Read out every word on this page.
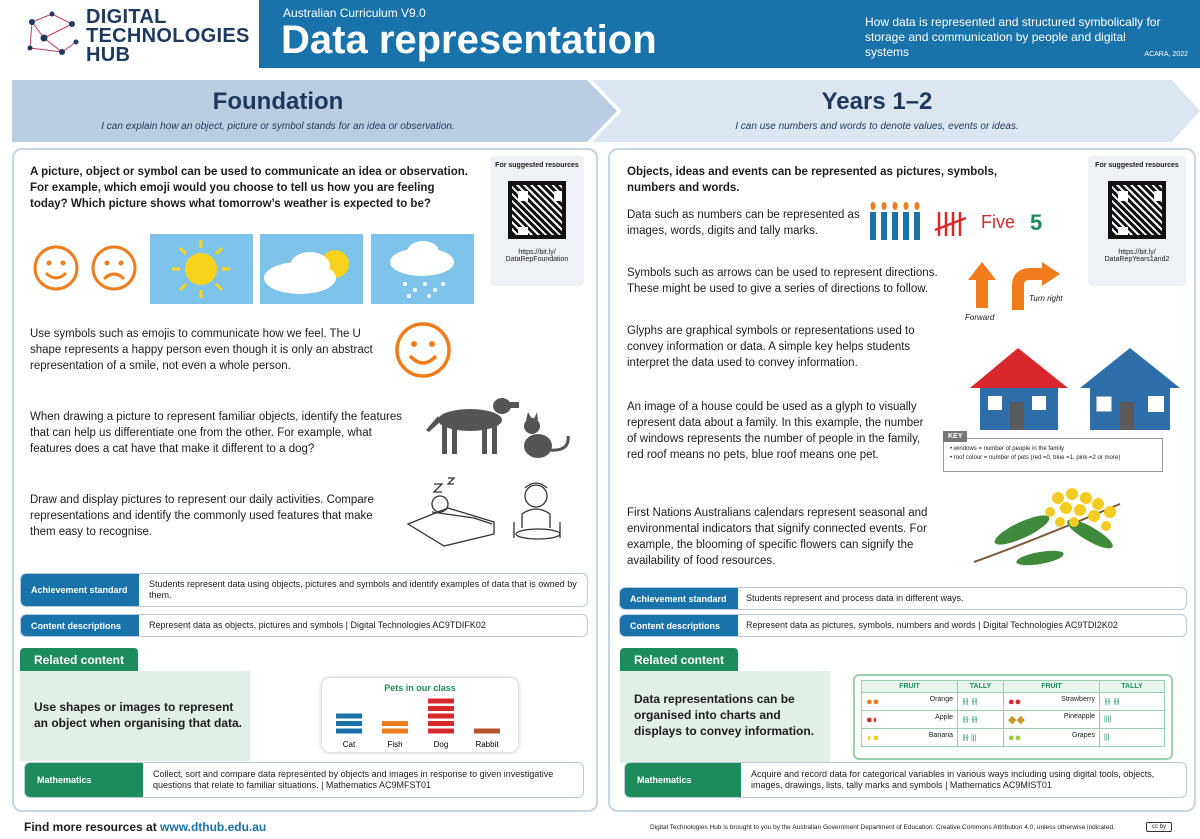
DIGITAL TECHNOLOGIES HUB
Australian Curriculum V9.0
Data representation	How data is represented and structured symbolically for storage and communication by people and digital systems	ACARA, 2022
Foundation
I can explain how an object, picture or symbol stands for an idea or observation.
Years 1–2
I can use numbers and words to denote values, events or ideas.
A picture, object or symbol can be used to communicate an idea or observation. For example, which emoji would you choose to tell us how you are feeling today? Which picture shows what tomorrow’s weather is expected to be?
For suggested resources
https://bit.ly/ DataRepFoundation
Use symbols such as emojis to communicate how we feel. The U shape represents a happy person even though it is only an abstract representation of a smile, not even a whole person.
When drawing a picture to represent familiar objects, identify the features that can help us differentiate one from the other. For example, what features does a cat have that make it different to a dog?
Draw and display pictures to represent our daily activities. Compare representations and identify the commonly used features that make them easy to recognise.
Achievement standard
Students represent data using objects, pictures and symbols and identify examples of data that is owned by them.
Content descriptions	Represent data as objects, pictures and symbols | Digital Technologies AC9TDIFK02
Related content
Use shapes or images to represent an object when organising that data.
Pets in our class
Cat	Fish	Dog	Rabbit
Mathematics
Collect, sort and compare data represented by objects and images in response to given investigative questions that relate to familiar situations. | Mathematics AC9MFST01
Objects, ideas and events can be represented as pictures, symbols, numbers and words.
For suggested resources
https://bit.ly/ DataRepYears1and2
Data such as numbers can be represented as images, words, digits and tally marks.	Five 5
Symbols such as arrows can be used to represent directions. These might be used to give a series of directions to follow.
Forward
Turn right
Glyphs are graphical symbols or representations used to convey information or data. A simple key helps students interpret the data used to convey information.
An image of a house could be used as a glyph to visually represent data about a family. In this example, the number of windows represents the number of people in the family, red roof means no pets, blue roof means one pet.
KEY
• windows = number of people in the family
• roof colour = number of pets (red =0, blue =1, pink =2 or more)
First Nations Australians calendars represent seasonal and environmental indicators that signify connected events. For example, the blooming of specific flowers can signify the availability of food resources.
Achievement standard	Students represent and process data in different ways.
Content descriptions	Represent data as pictures, symbols, numbers and words | Digital Technologies AC9TDI2K02
Related content
Data representations can be organised into charts and displays to convey information.
FRUIT	TALLY	FRUIT	TALLY

●● Orange	卌 卌	●● Strawberry	卌 卌

●◐ Apple	卌 卌	◆◆ Pineapple	||||

◗● Banana	卌 |||	●● Grapes	|||
Mathematics
Acquire and record data for categorical variables in various ways including using digital tools, objects, images, drawings, lists, tally marks and symbols | Mathematics AC9MIST01
Find more resources at www.dthub.edu.au	Digital Technologies Hub is brought to you by the Australian Government Department of Education. Creative Commons Attribution 4.0, unless otherwise indicated.	cc by
